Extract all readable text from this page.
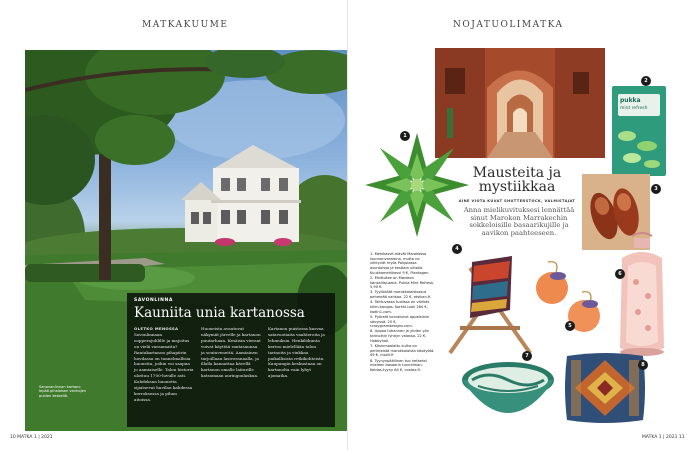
MATKAKUUME
Sanovanlinnan kartano lepää pihalaisen vanhojen puiden keskellä.
SAVONLINNA
Kauniita unia kartanossa
OLETKO MENOSSA Savonlinnaan oopperajuhlille ja majoitus on vielä varaamatta? Rantakartanon pihapiirin huvilassa on tunnelmallisia huoneita, joihin voi saapua jo aamiaiselle. Talon historia ulottuu 1700-luvulle asti. Kahdeksan huonetta sijaitsevat huvilan kahdessa kerroksessa ja pihan aitoissa.
Huoneista avautuvat näkymät järvelle ja kartanon puutarhaan. Kesäisin vieraat voivat käyttää rantasaunaa ja soutuvenettä. Aamiainen tarjoillaan lasiverannalla, ja illalla kannattaa kävellä kartanon omalle laiturille katsomaan auringonlaskua.
Kartanon puistossa kasvaa satavuotiaita vaahteroita ja lehmuksia. Henkilökunta kertoo mielellään talon tarinoita ja vinkkaa paikallisista retkikohteista. Kaupungin keskustaan on kartanolta vain lyhyt ajomatka.
10 MATKA 1 | 2021
NOJATUOLIMATKA
pukka
mint refresh
1
2
3
4
5
6
7
8
Mausteita ja
mystiikkaa
AINE VIOTA KUVAT SHUTTERSTOCK, VALMISTAJAT
Anna mielikuvituksesi lennättää sinut Marokon Marrakechin sokkeloisille basaarikujille ja aavikon paahteeseen.
1. Mehikasvit elävät Marokossa luonnonvaraisina, mutta ne viihtyvät myös Pohjolassa asuntoissa ja kesäisin pihalla. Kuukkamehikasvi 9 €, Plantagen.
2. Minttutee on Marokon kansallisjuoma. Pukka Mint Refresh, 5,90 €.
3. Tyylikkäät marokkolaistossut pehmeää nahkaa. 22 €, etsikan.fi.
4. Taittuvassa tuolissa on värikäs kilim-kangas. Korkki-tuoli 284 €, kodin1.com.
5. Pyöreät korvakorut appelsiinin sävyissä. 20 €, crazygramdesigns.com.
6. Uppoa tuhannen ja yhden yön tarinoihin lyhdyn valossa. 22 €, Hobbyhall.
7. Käsinmaalattu kulho on perinteistä marokkolaista käsityötä. 49 €, moiiii.fi
8. Tyynynpäällinen tuo hetkeksi mieleen basaarin tunnelman. Keidas-tyyny 64 €, costeo.fi.
MATKA 1 | 2021 11
